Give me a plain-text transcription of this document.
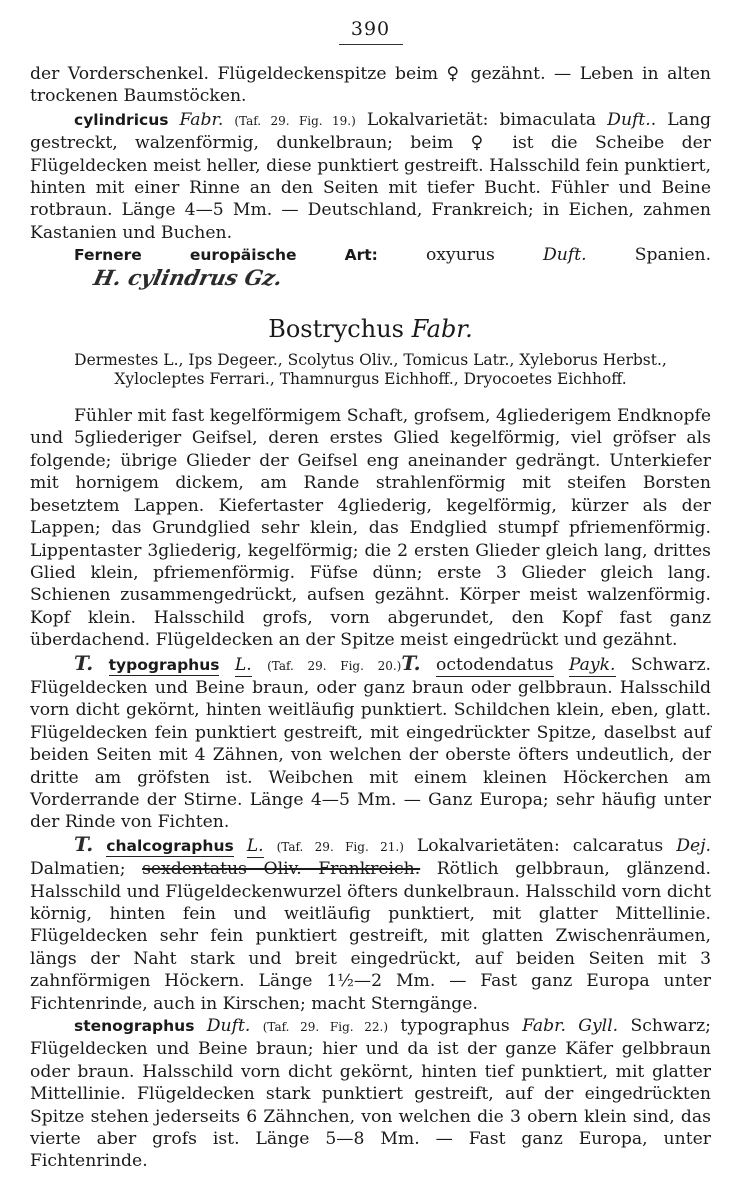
390

der Vorderschenkel. Flügeldeckenspitze beim ♀ gezähnt. — Leben in alten trockenen Baumstöcken.

cylindricus Fabr. (Taf. 29. Fig. 19.) Lokalvarietät: bimaculata Duft.. Lang gestreckt, walzenförmig, dunkelbraun; beim ♀ ist die Scheibe der Flügeldecken meist heller, diese punktiert gestreift. Halsschild fein punktiert, hinten mit einer Rinne an den Seiten mit tiefer Bucht. Fühler und Beine rotbraun. Länge 4—5 Mm. — Deutschland, Frankreich; in Eichen, zahmen Kastanien und Buchen.

Fernere europäische Art:	oxyurus	Duft.	Spanien. H. cylindrus Gz.

Bostrychus Fabr.
Dermestes L., Ips Degeer., Scolytus Oliv., Tomicus Latr., Xyleborus Herbst.,
Xylocleptes Ferrari., Thamnurgus Eichhoff., Dryocoetes Eichhoff.

Fühler mit fast kegelförmigem Schaft, grofsem, 4gliederigem Endknopfe und 5gliederiger Geifsel, deren erstes Glied kegelförmig, viel gröfser als folgende; übrige Glieder der Geifsel eng aneinander gedrängt. Unterkiefer mit hornigem dickem, am Rande strahlenförmig mit steifen Borsten besetztem Lappen. Kiefertaster 4gliederig, kegelförmig, kürzer als der Lappen; das Grundglied sehr klein, das Endglied stumpf pfriemenförmig. Lippentaster 3gliederig, kegelförmig; die 2 ersten Glieder gleich lang, drittes Glied klein, pfriemenförmig. Füfse dünn; erste 3 Glieder gleich lang. Schienen zusammengedrückt, aufsen gezähnt. Körper meist walzenförmig. Kopf klein. Halsschild grofs, vorn abgerundet, den Kopf fast ganz überdachend. Flügeldecken an der Spitze meist eingedrückt und gezähnt.

T. typographus L. (Taf. 29. Fig. 20.)T. octodendatus Payk. Schwarz. Flügeldecken und Beine braun, oder ganz braun oder gelbbraun. Halsschild vorn dicht gekörnt, hinten weitläufig punktiert. Schildchen klein, eben, glatt. Flügeldecken fein punktiert gestreift, mit eingedrückter Spitze, daselbst auf beiden Seiten mit 4 Zähnen, von welchen der oberste öfters undeutlich, der dritte am gröfsten ist. Weibchen mit einem kleinen Höckerchen am Vorderrande der Stirne. Länge 4—5 Mm. — Ganz Europa; sehr häufig unter der Rinde von Fichten.

T. chalcographus L. (Taf. 29. Fig. 21.) Lokalvarietäten: calcaratus Dej. Dalmatien; sexdentatus Oliv. Frankreich. Rötlich gelbbraun, glänzend. Halsschild und Flügeldeckenwurzel öfters dunkelbraun. Halsschild vorn dicht körnig, hinten fein und weitläufig punktiert, mit glatter Mittellinie. Flügeldecken sehr fein punktiert gestreift, mit glatten Zwischenräumen, längs der Naht stark und breit eingedrückt, auf beiden Seiten mit 3 zahnförmigen Höckern. Länge 1½—2 Mm. — Fast ganz Europa unter Fichtenrinde, auch in Kirschen; macht Sterngänge.

stenographus Duft. (Taf. 29. Fig. 22.) typographus Fabr. Gyll. Schwarz; Flügeldecken und Beine braun; hier und da ist der ganze Käfer gelbbraun oder braun. Halsschild vorn dicht gekörnt, hinten tief punktiert, mit glatter Mittellinie. Flügeldecken stark punktiert gestreift, auf der eingedrückten Spitze stehen jederseits 6 Zähnchen, von welchen die 3 obern klein sind, das vierte aber grofs ist. Länge 5—8 Mm. — Fast ganz Europa, unter Fichtenrinde.
